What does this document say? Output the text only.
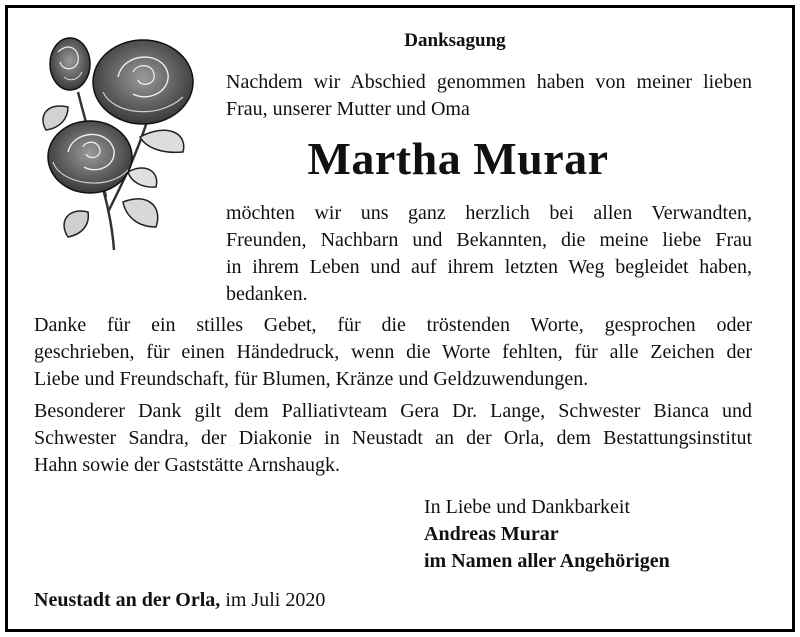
Danksagung
Nachdem wir Abschied genommen haben von meiner lieben Frau, unserer Mutter und Oma
Martha Murar
möchten wir uns ganz herzlich bei allen Verwandten,
Freunden, Nachbarn und Bekannten, die meine liebe Frau
in ihrem Leben und auf ihrem letzten Weg begleidet haben,
bedanken.
Danke für ein stilles Gebet, für die tröstenden Worte, gesprochen oder
geschrieben, für einen Händedruck, wenn die Worte fehlten, für alle Zeichen der
Liebe und Freundschaft, für Blumen, Kränze und Geldzuwendungen.
Besonderer Dank gilt dem Palliativteam Gera Dr. Lange, Schwester Bianca und
Schwester Sandra, der Diakonie in Neustadt an der Orla, dem Bestattungsinstitut
Hahn sowie der Gaststätte Arnshaugk.
In Liebe und Dankbarkeit
Andreas Murar
im Namen aller Angehörigen
Neustadt an der Orla, im Juli 2020
